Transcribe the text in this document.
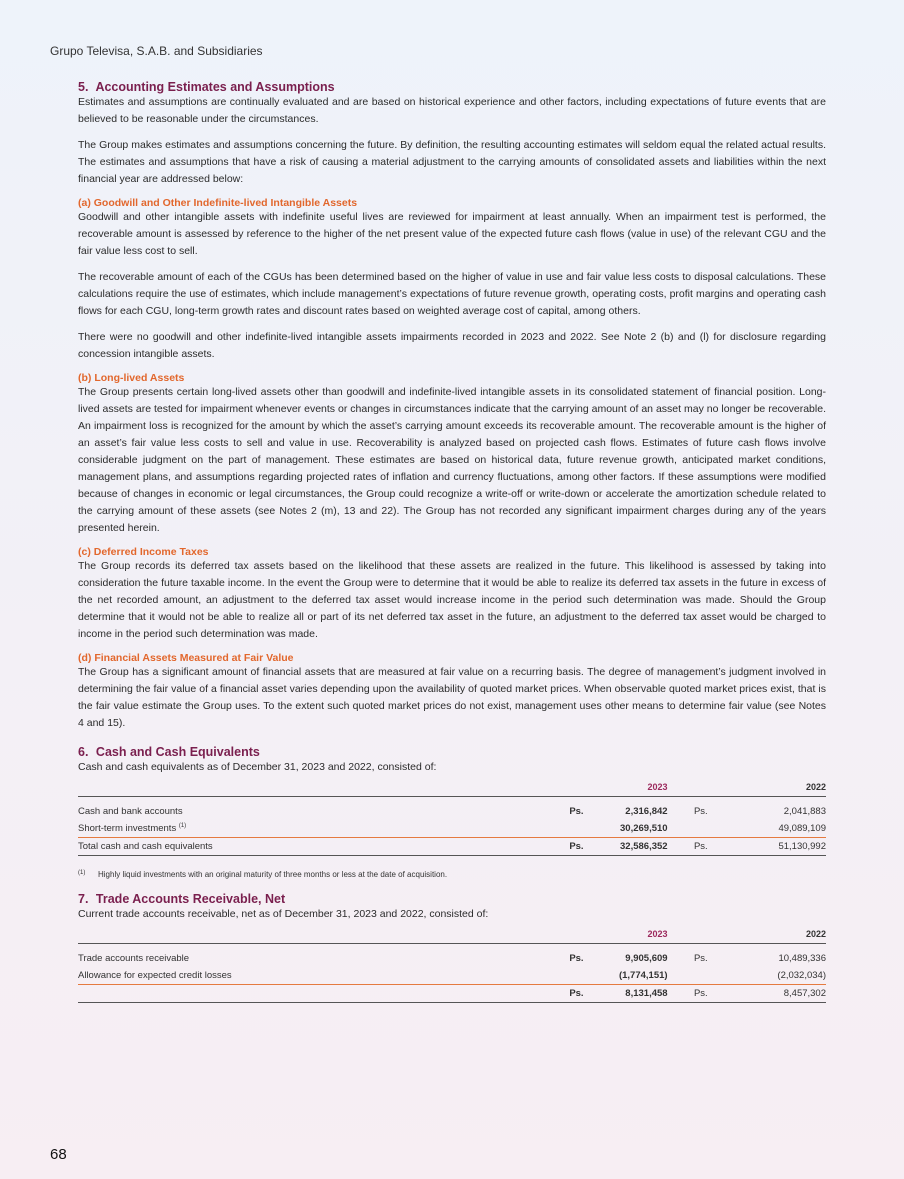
Grupo Televisa, S.A.B. and Subsidiaries
5. Accounting Estimates and Assumptions

Estimates and assumptions are continually evaluated and are based on historical experience and other factors, including expectations of future events that are believed to be reasonable under the circumstances.

The Group makes estimates and assumptions concerning the future. By definition, the resulting accounting estimates will seldom equal the related actual results. The estimates and assumptions that have a risk of causing a material adjustment to the carrying amounts of consolidated assets and liabilities within the next financial year are addressed below:

(a) Goodwill and Other Indefinite-lived Intangible Assets

Goodwill and other intangible assets with indefinite useful lives are reviewed for impairment at least annually. When an impairment test is performed, the recoverable amount is assessed by reference to the higher of the net present value of the expected future cash flows (value in use) of the relevant CGU and the fair value less cost to sell.

The recoverable amount of each of the CGUs has been determined based on the higher of value in use and fair value less costs to disposal calculations. These calculations require the use of estimates, which include management’s expectations of future revenue growth, operating costs, profit margins and operating cash flows for each CGU, long-term growth rates and discount rates based on weighted average cost of capital, among others.

There were no goodwill and other indefinite-lived intangible assets impairments recorded in 2023 and 2022. See Note 2 (b) and (l) for disclosure regarding concession intangible assets.

(b) Long-lived Assets

The Group presents certain long-lived assets other than goodwill and indefinite-lived intangible assets in its consolidated statement of financial position. Long-lived assets are tested for impairment whenever events or changes in circumstances indicate that the carrying amount of an asset may no longer be recoverable. An impairment loss is recognized for the amount by which the asset’s carrying amount exceeds its recoverable amount. The recoverable amount is the higher of an asset’s fair value less costs to sell and value in use. Recoverability is analyzed based on projected cash flows. Estimates of future cash flows involve considerable judgment on the part of management. These estimates are based on historical data, future revenue growth, anticipated market conditions, management plans, and assumptions regarding projected rates of inflation and currency fluctuations, among other factors. If these assumptions were modified because of changes in economic or legal circumstances, the Group could recognize a write-off or write-down or accelerate the amortization schedule related to the carrying amount of these assets (see Notes 2 (m), 13 and 22). The Group has not recorded any significant impairment charges during any of the years presented herein.

(c) Deferred Income Taxes

The Group records its deferred tax assets based on the likelihood that these assets are realized in the future. This likelihood is assessed by taking into consideration the future taxable income. In the event the Group were to determine that it would be able to realize its deferred tax assets in the future in excess of the net recorded amount, an adjustment to the deferred tax asset would increase income in the period such determination was made. Should the Group determine that it would not be able to realize all or part of its net deferred tax asset in the future, an adjustment to the deferred tax asset would be charged to income in the period such determination was made.

(d) Financial Assets Measured at Fair Value

The Group has a significant amount of financial assets that are measured at fair value on a recurring basis. The degree of management’s judgment involved in determining the fair value of a financial asset varies depending upon the availability of quoted market prices. When observable quoted market prices exist, that is the fair value estimate the Group uses. To the extent such quoted market prices do not exist, management uses other means to determine fair value (see Notes 4 and 15).

6. Cash and Cash Equivalents

Cash and cash equivalents as of December 31, 2023 and 2022, consisted of:

		2023		2022

Cash and bank accounts	Ps.	2,316,842	Ps.	2,041,883
Short-term investments $^{(1)}$		30,269,510		49,089,109
Total cash and cash equivalents	Ps.	32,586,352	Ps.	51,130,992
(1)	Highly liquid investments with an original maturity of three months or less at the date of acquisition.
7. Trade Accounts Receivable, Net

Current trade accounts receivable, net as of December 31, 2023 and 2022, consisted of:

		2023		2022

Trade accounts receivable	Ps.	9,905,609	Ps.	10,489,336
Allowance for expected credit losses		(1,774,151)		(2,032,034)
	Ps.	8,131,458	Ps.	8,457,302
68
